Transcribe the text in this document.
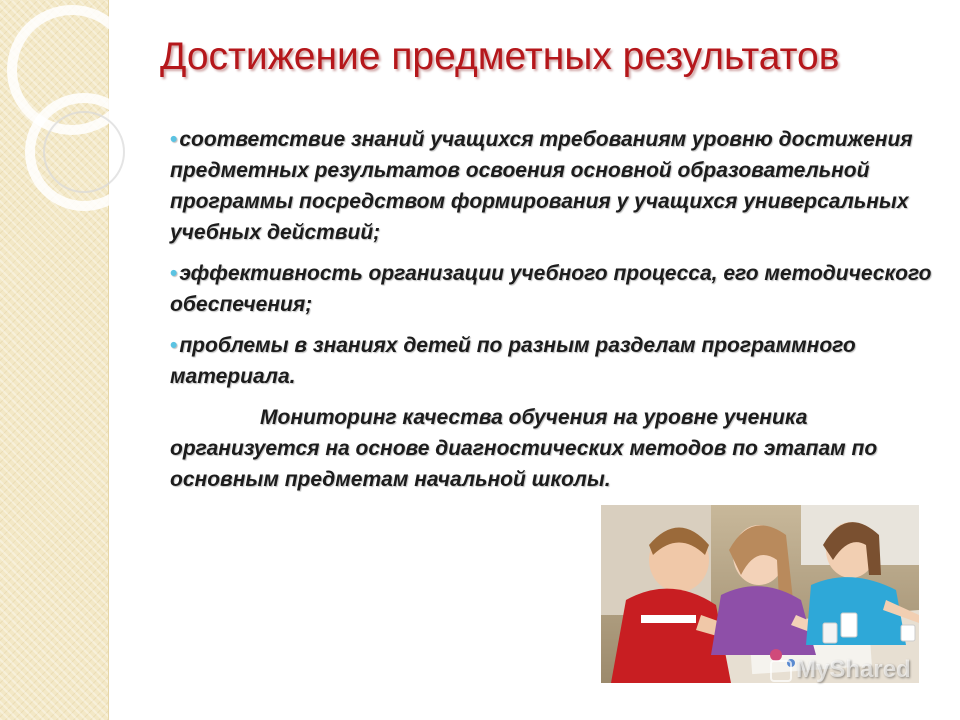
Достижение предметных результатов
•соответствие знаний учащихся требованиям уровню достижения предметных результатов освоения основной образовательной программы посредством формирования у учащихся универсальных учебных действий;
•эффективность организации учебного процесса, его методического обеспечения;
•проблемы в знаниях детей по разным разделам программного материала.

Мониторинг качества обучения на уровне ученика организуется на основе диагностических методов по этапам по основным предметам начальной школы.

MyShared
